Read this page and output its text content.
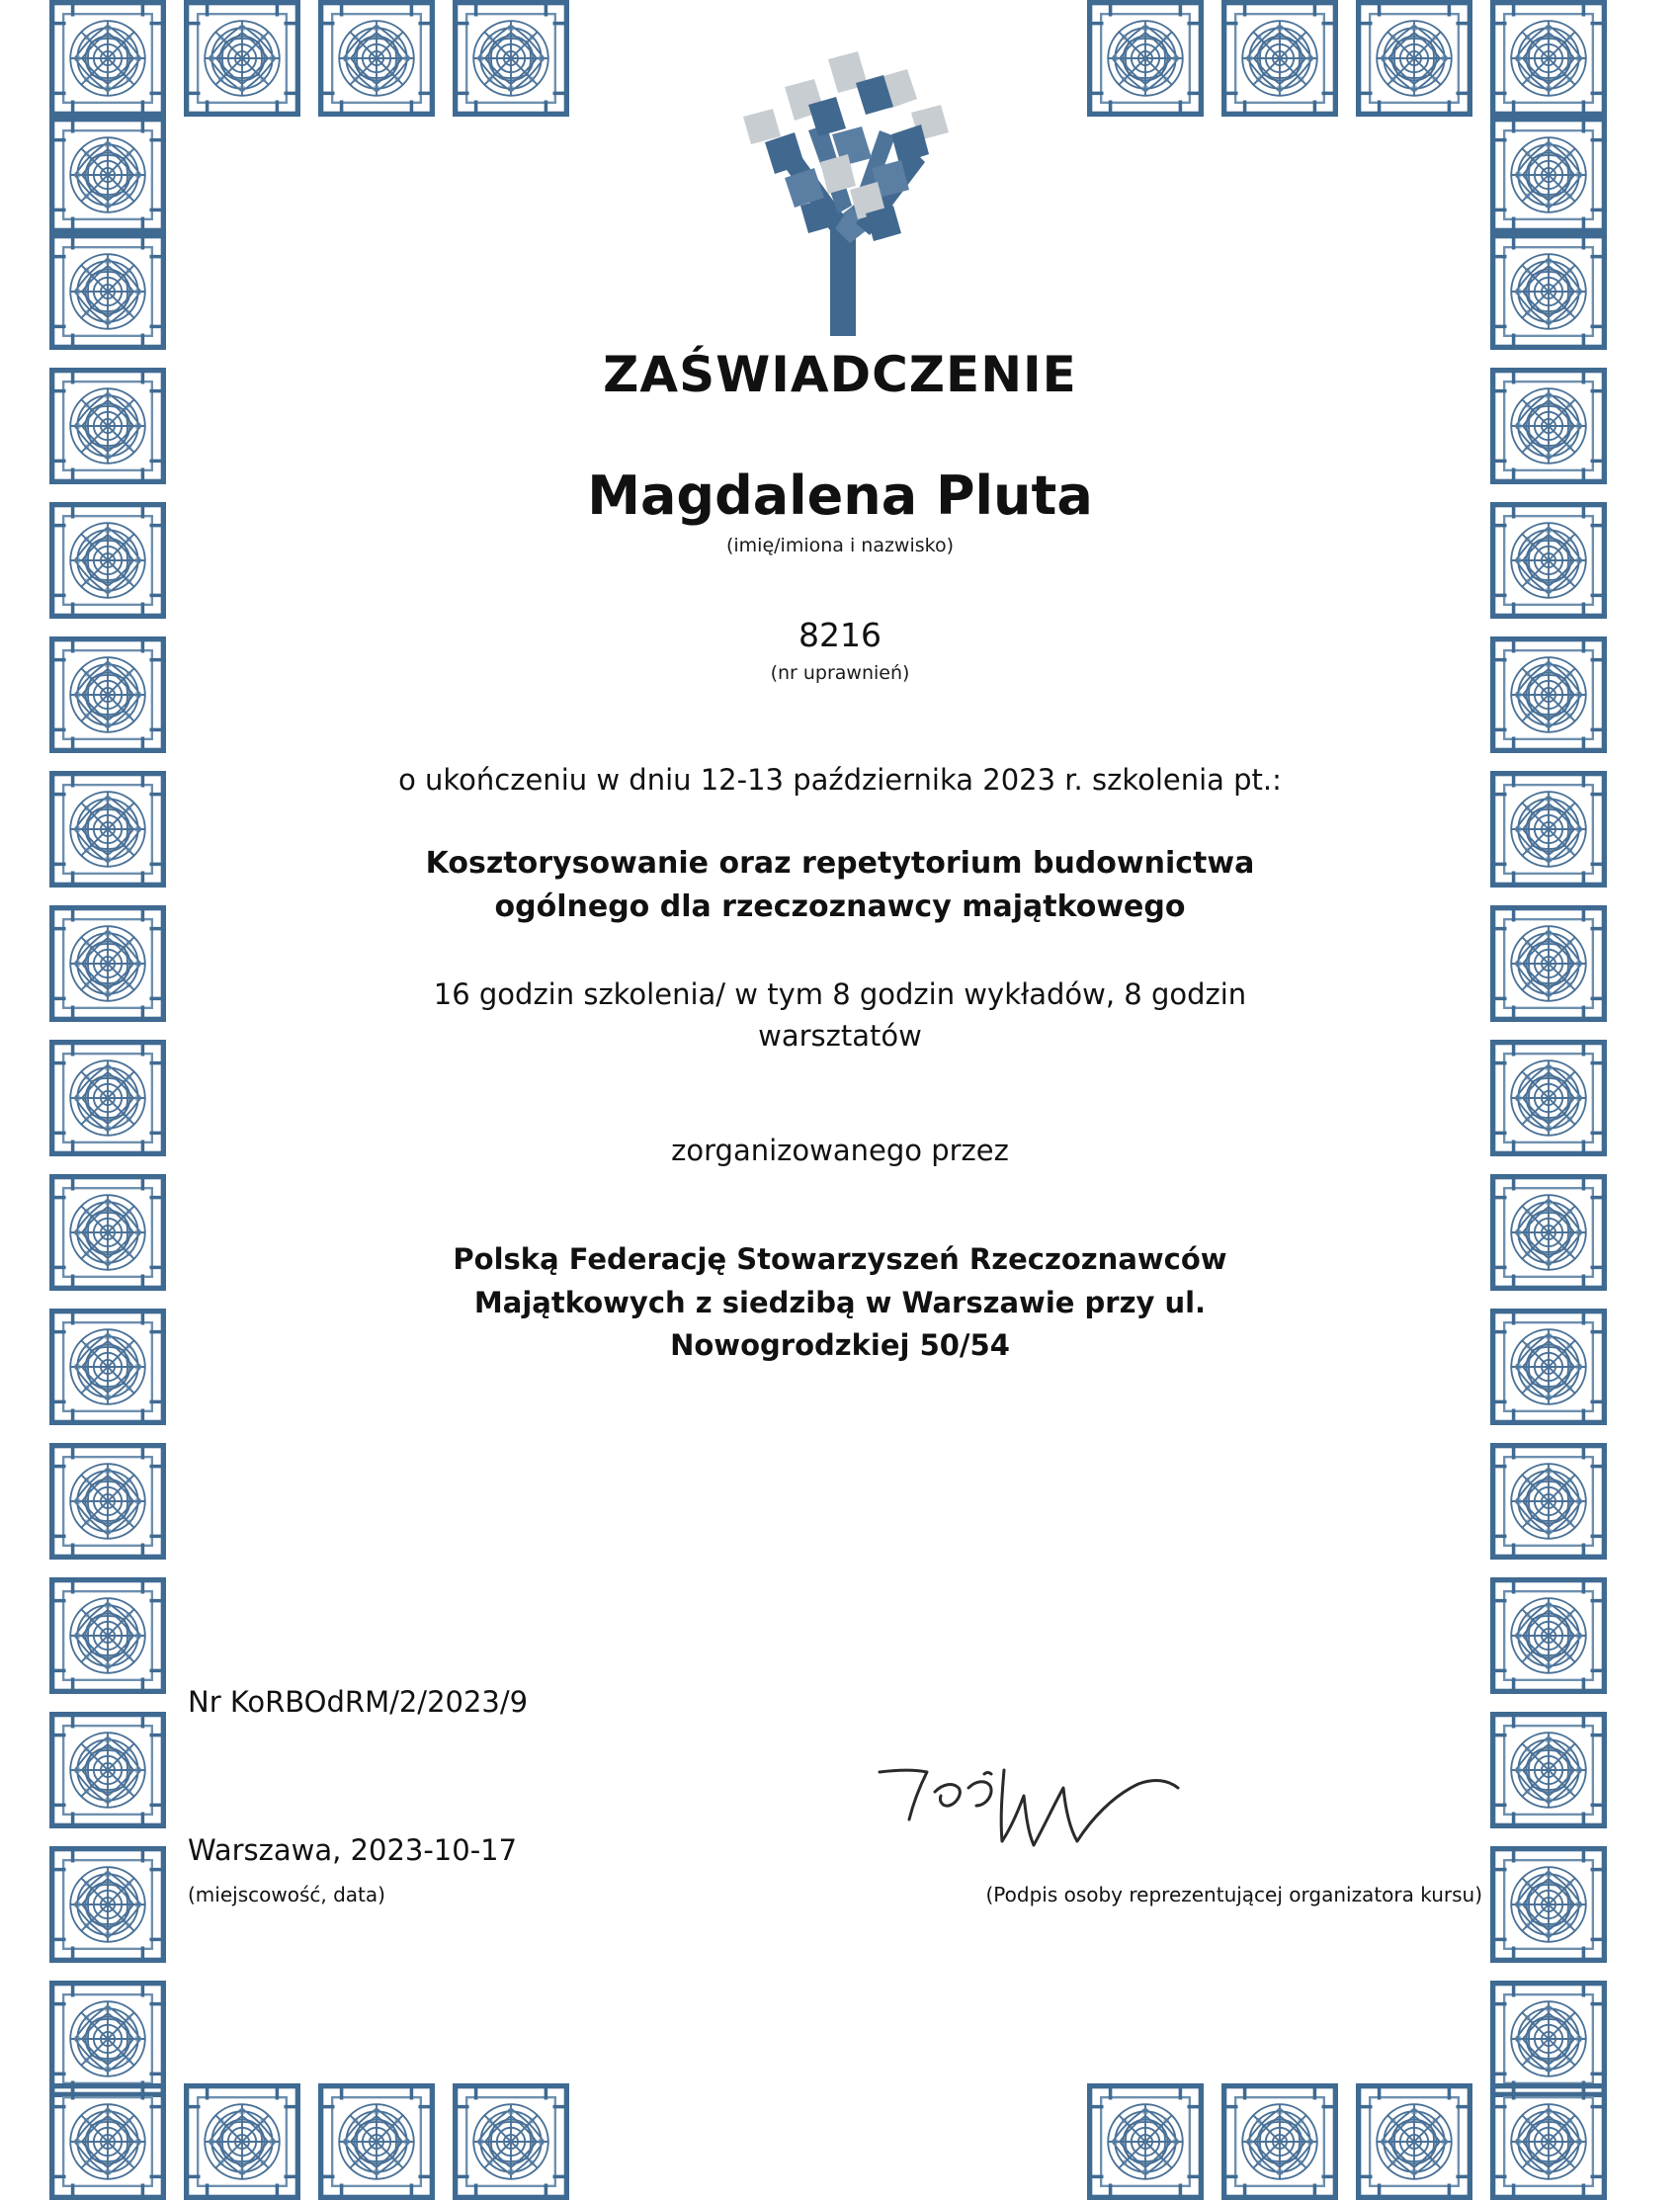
ZAŚWIADCZENIE
Magdalena Pluta
(imię/imiona i nazwisko)
8216
(nr uprawnień)
o ukończeniu w dniu 12-13 października 2023 r. szkolenia pt.:
Kosztorysowanie oraz repetytorium budownictwa
ogólnego dla rzeczoznawcy majątkowego
16 godzin szkolenia/ w tym 8 godzin wykładów, 8 godzin
warsztatów
zorganizowanego przez
Polską Federację Stowarzyszeń Rzeczoznawców
Majątkowych z siedzibą w Warszawie przy ul.
Nowogrodzkiej 50/54
Nr KoRBOdRM/2/2023/9
Warszawa, 2023-10-17
(miejscowość, data)	(Podpis osoby reprezentującej organizatora kursu)
